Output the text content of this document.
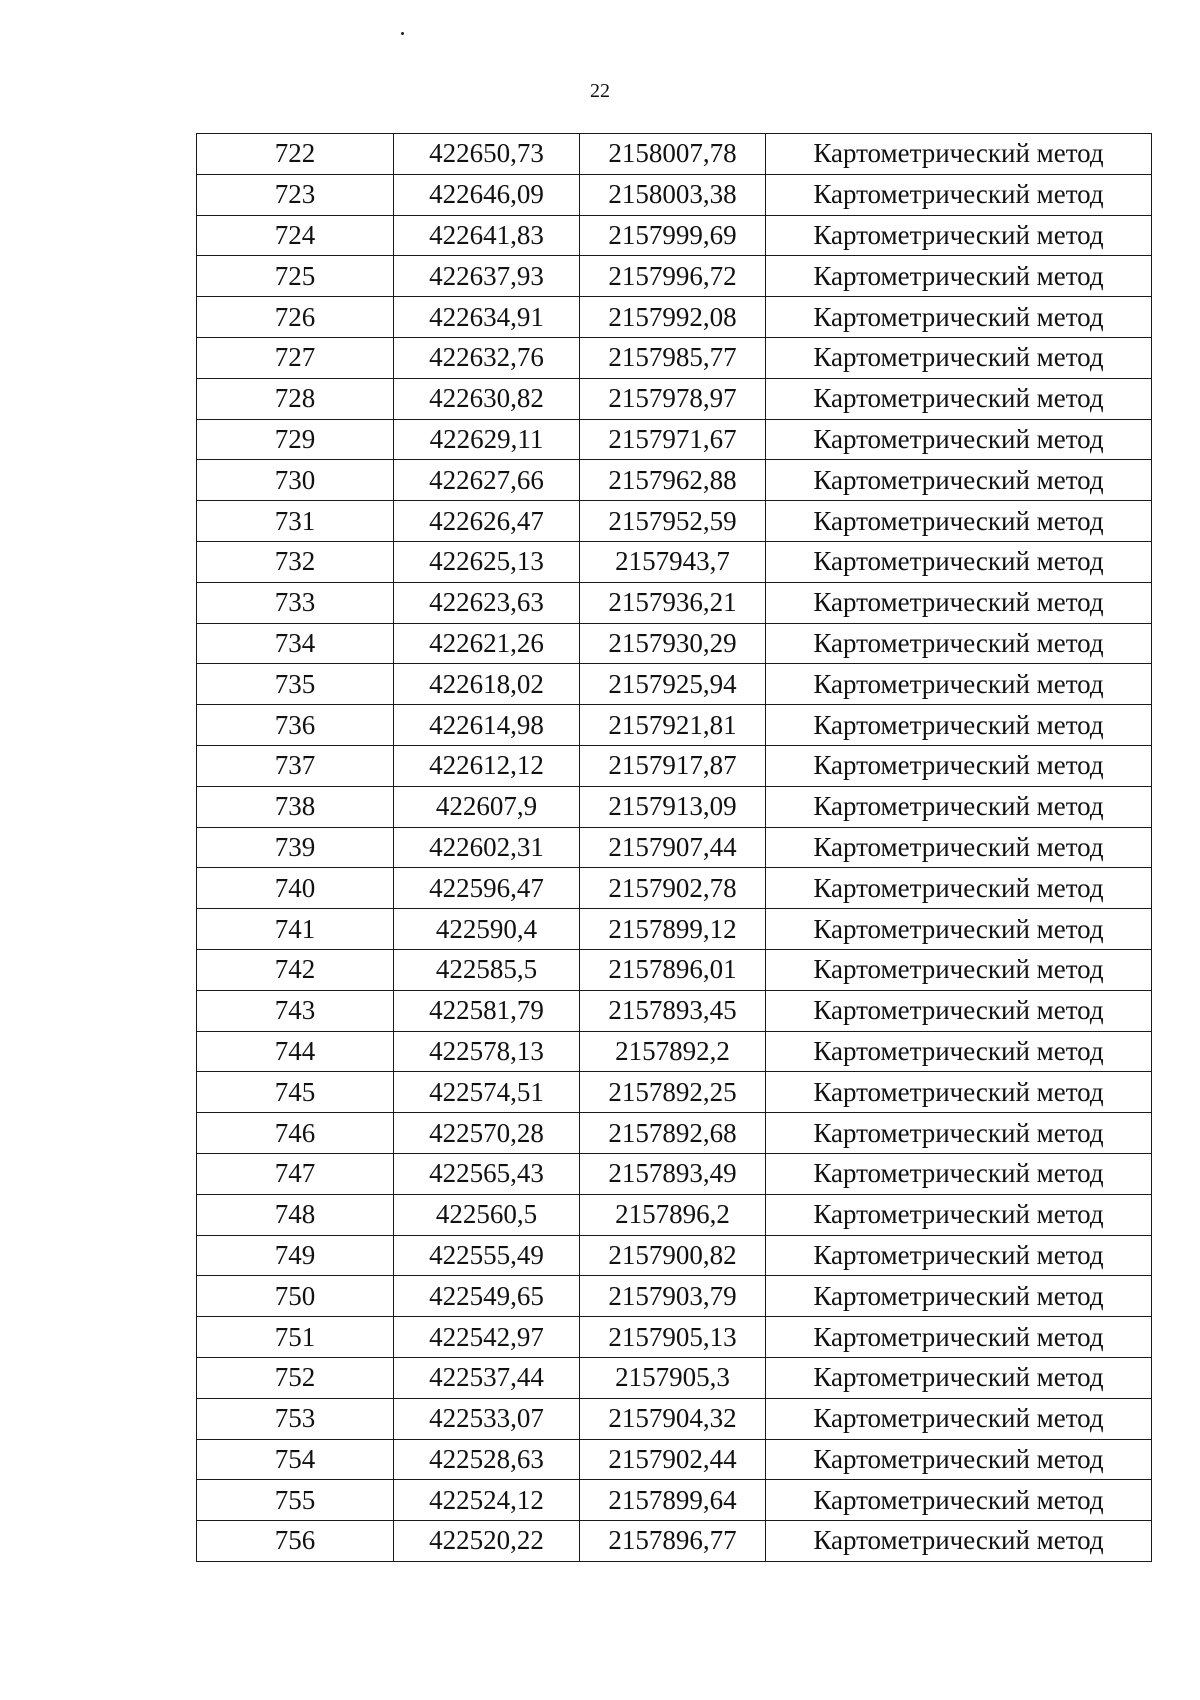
22
722	422650,73	2158007,78	Картометрический метод
723	422646,09	2158003,38	Картометрический метод
724	422641,83	2157999,69	Картометрический метод
725	422637,93	2157996,72	Картометрический метод
726	422634,91	2157992,08	Картометрический метод
727	422632,76	2157985,77	Картометрический метод
728	422630,82	2157978,97	Картометрический метод
729	422629,11	2157971,67	Картометрический метод
730	422627,66	2157962,88	Картометрический метод
731	422626,47	2157952,59	Картометрический метод
732	422625,13	2157943,7	Картометрический метод
733	422623,63	2157936,21	Картометрический метод
734	422621,26	2157930,29	Картометрический метод
735	422618,02	2157925,94	Картометрический метод
736	422614,98	2157921,81	Картометрический метод
737	422612,12	2157917,87	Картометрический метод
738	422607,9	2157913,09	Картометрический метод
739	422602,31	2157907,44	Картометрический метод
740	422596,47	2157902,78	Картометрический метод
741	422590,4	2157899,12	Картометрический метод
742	422585,5	2157896,01	Картометрический метод
743	422581,79	2157893,45	Картометрический метод
744	422578,13	2157892,2	Картометрический метод
745	422574,51	2157892,25	Картометрический метод
746	422570,28	2157892,68	Картометрический метод
747	422565,43	2157893,49	Картометрический метод
748	422560,5	2157896,2	Картометрический метод
749	422555,49	2157900,82	Картометрический метод
750	422549,65	2157903,79	Картометрический метод
751	422542,97	2157905,13	Картометрический метод
752	422537,44	2157905,3	Картометрический метод
753	422533,07	2157904,32	Картометрический метод
754	422528,63	2157902,44	Картометрический метод
755	422524,12	2157899,64	Картометрический метод
756	422520,22	2157896,77	Картометрический метод
